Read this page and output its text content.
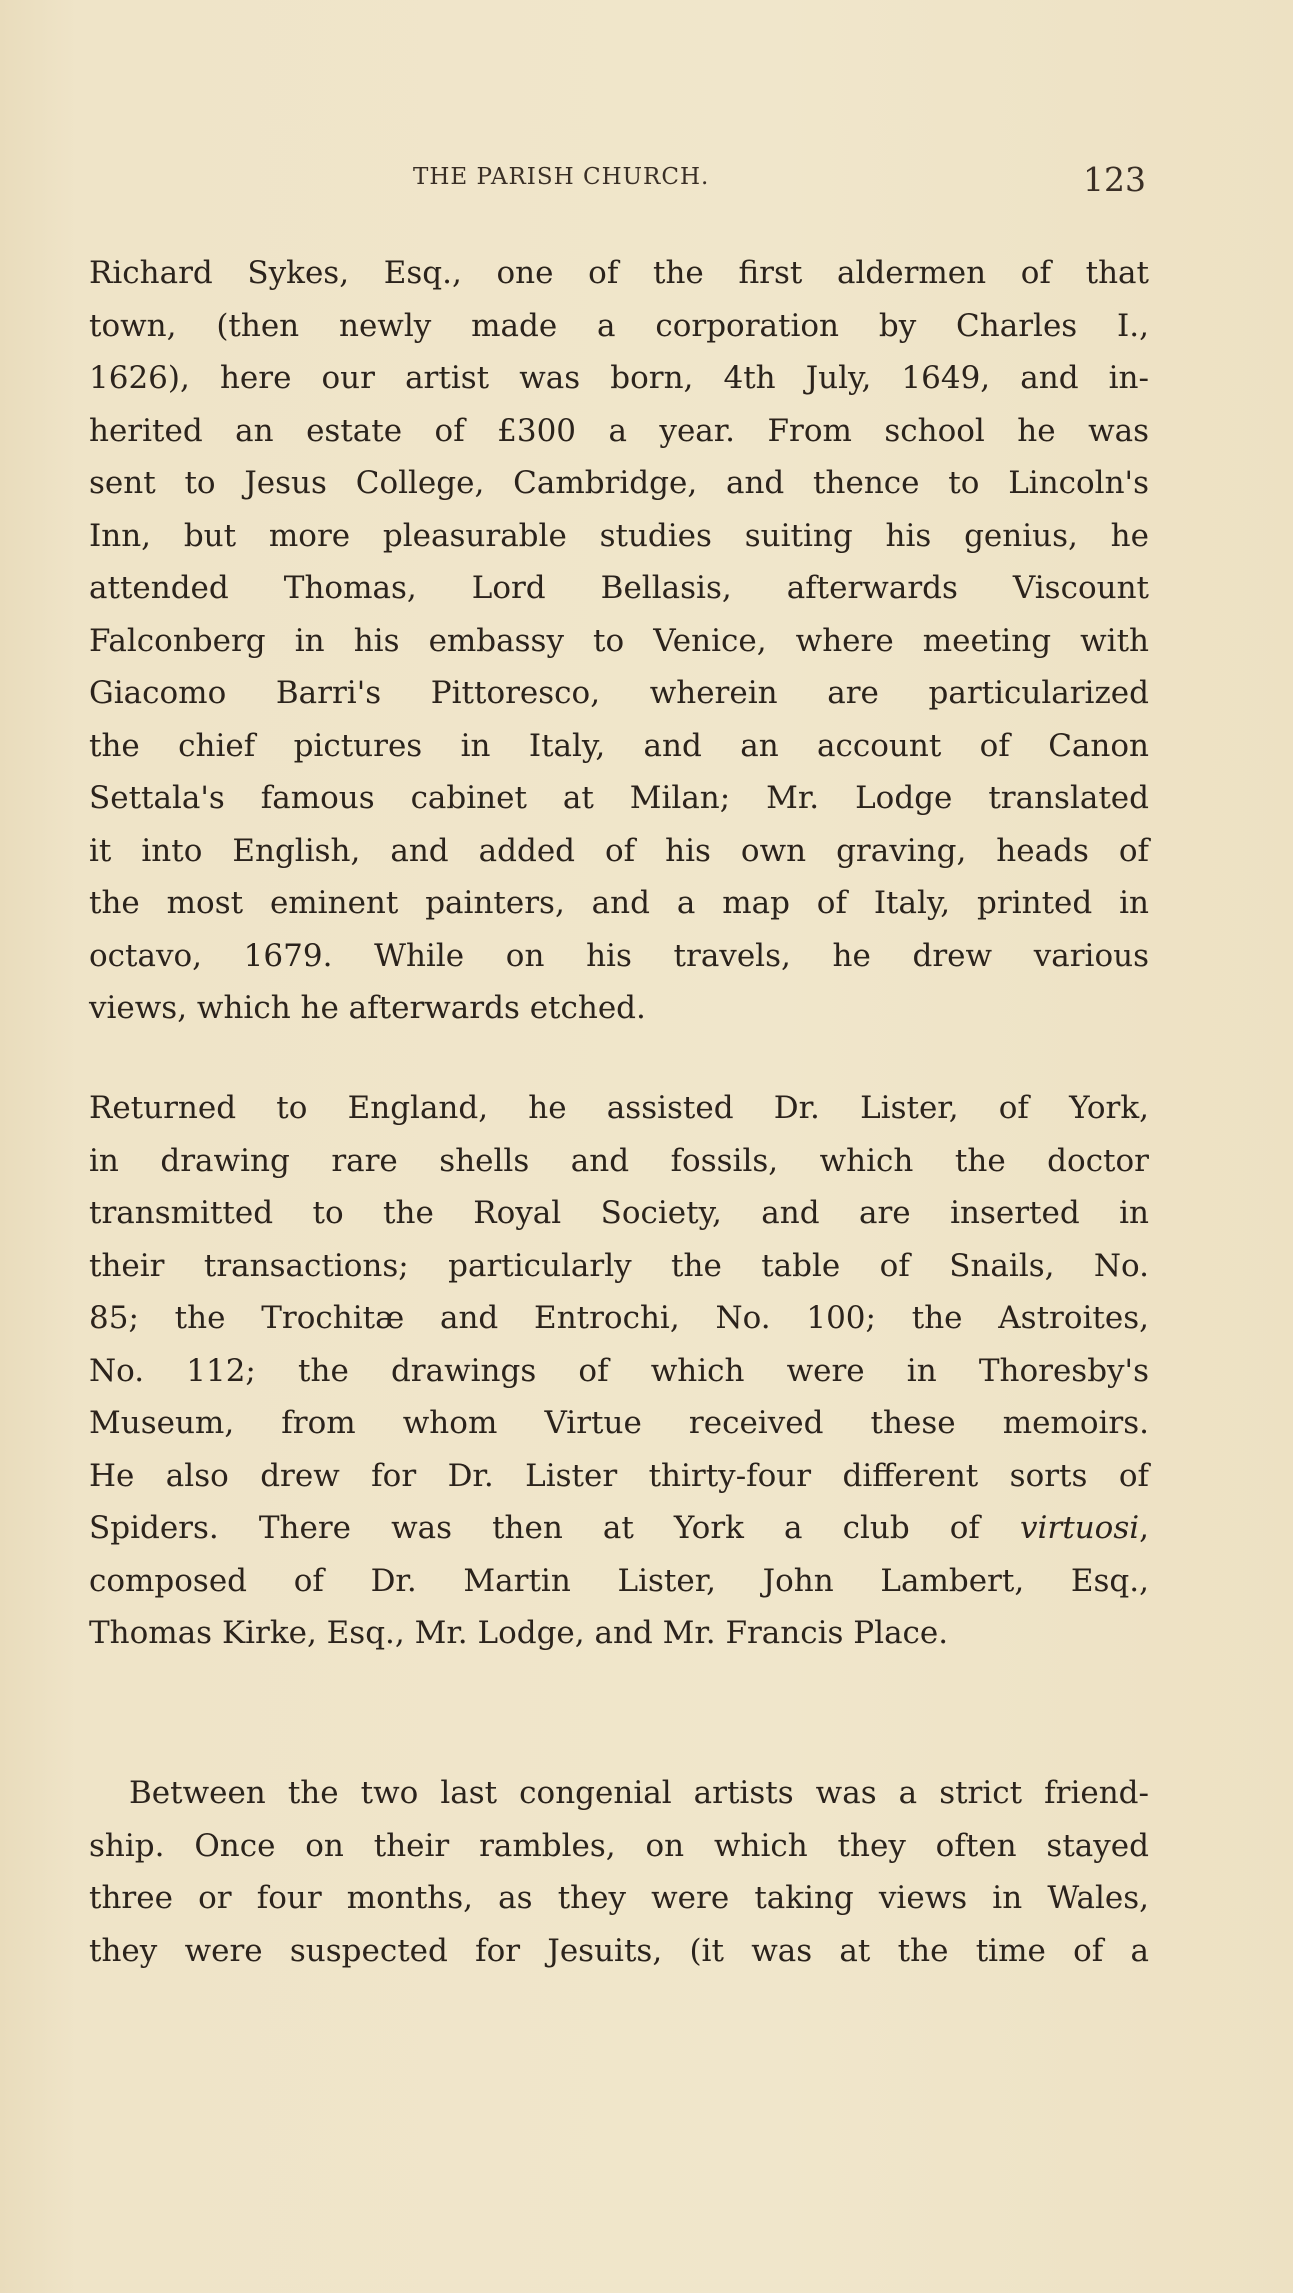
THE PARISH CHURCH.	123
Richard Sykes, Esq., one of the first aldermen of that
town, (then newly made a corporation by Charles I.,
1626), here our artist was born, 4th July, 1649, and in-
herited an estate of £300 a year. From school he was
sent to Jesus College, Cambridge, and thence to Lincoln's
Inn, but more pleasurable studies suiting his genius, he
attended Thomas, Lord Bellasis, afterwards Viscount
Falconberg in his embassy to Venice, where meeting with
Giacomo Barri's Pittoresco, wherein are particularized
the chief pictures in Italy, and an account of Canon
Settala's famous cabinet at Milan; Mr. Lodge translated
it into English, and added of his own graving, heads of
the most eminent painters, and a map of Italy, printed in
octavo, 1679. While on his travels, he drew various
views, which he afterwards etched.
Returned to England, he assisted Dr. Lister, of York,
in drawing rare shells and fossils, which the doctor
transmitted to the Royal Society, and are inserted in
their transactions; particularly the table of Snails, No.
85; the Trochitæ and Entrochi, No. 100; the Astroites,
No. 112; the drawings of which were in Thoresby's
Museum, from whom Virtue received these memoirs.
He also drew for Dr. Lister thirty-four different sorts of
Spiders. There was then at York a club of virtuosi,
composed of Dr. Martin Lister, John Lambert, Esq.,
Thomas Kirke, Esq., Mr. Lodge, and Mr. Francis Place.
Between the two last congenial artists was a strict friend-
ship. Once on their rambles, on which they often stayed
three or four months, as they were taking views in Wales,
they were suspected for Jesuits, (it was at the time of a
